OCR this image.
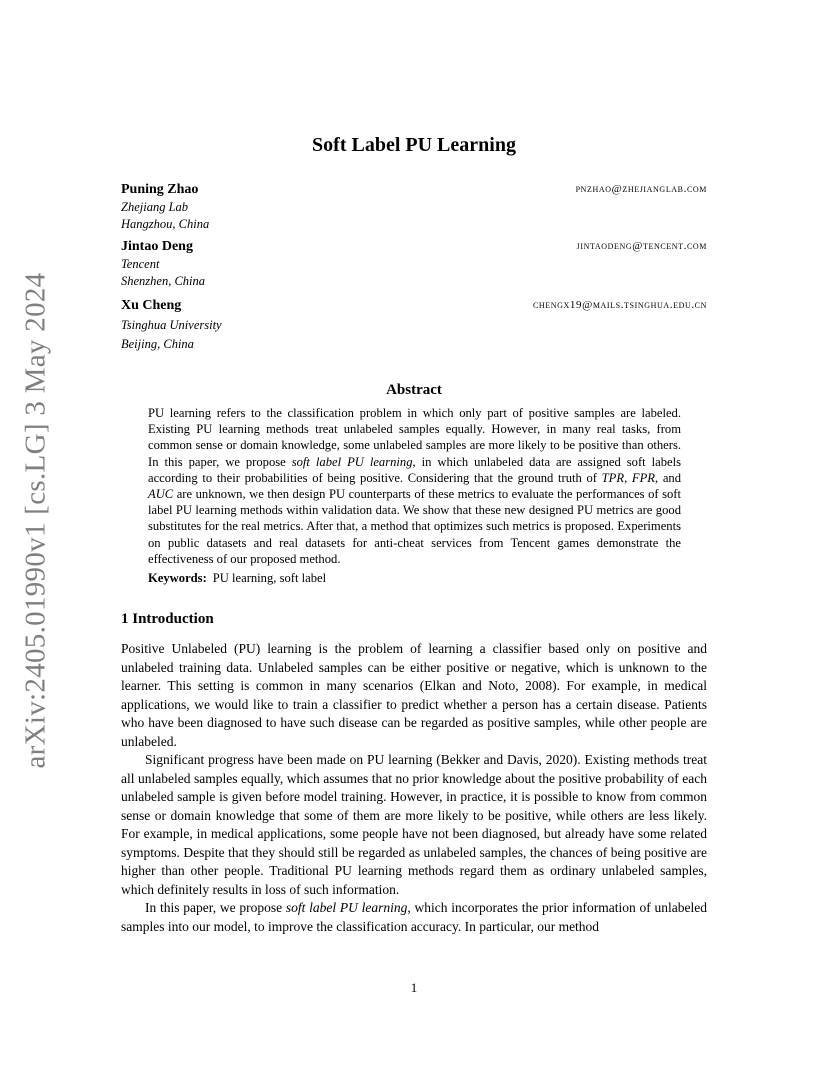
arXiv:2405.01990v1 [cs.LG] 3 May 2024
Soft Label PU Learning
Puning Zhao	pnzhao@zhejianglab.com
Zhejiang Lab
Hangzhou, China
Jintao Deng	jintaodeng@tencent.com
Tencent
Shenzhen, China
Xu Cheng	chengx19@mails.tsinghua.edu.cn
Tsinghua University
Beijing, China
Abstract
PU learning refers to the classification problem in which only part of positive samples are labeled. Existing PU learning methods treat unlabeled samples equally. However, in many real tasks, from common sense or domain knowledge, some unlabeled samples are more likely to be positive than others. In this paper, we propose soft label PU learning, in which unlabeled data are assigned soft labels according to their probabilities of being positive. Considering that the ground truth of TPR, FPR, and AUC are unknown, we then design PU counterparts of these metrics to evaluate the performances of soft label PU learning methods within validation data. We show that these new designed PU metrics are good substitutes for the real metrics. After that, a method that optimizes such metrics is proposed. Experiments on public datasets and real datasets for anti-cheat services from Tencent games demonstrate the effectiveness of our proposed method.
Keywords: PU learning, soft label
1 Introduction

Positive Unlabeled (PU) learning is the problem of learning a classifier based only on positive and unlabeled training data. Unlabeled samples can be either positive or negative, which is unknown to the learner. This setting is common in many scenarios (Elkan and Noto, 2008). For example, in medical applications, we would like to train a classifier to predict whether a person has a certain disease. Patients who have been diagnosed to have such disease can be regarded as positive samples, while other people are unlabeled.

Significant progress have been made on PU learning (Bekker and Davis, 2020). Existing methods treat all unlabeled samples equally, which assumes that no prior knowledge about the positive probability of each unlabeled sample is given before model training. However, in practice, it is possible to know from common sense or domain knowledge that some of them are more likely to be positive, while others are less likely. For example, in medical applications, some people have not been diagnosed, but already have some related symptoms. Despite that they should still be regarded as unlabeled samples, the chances of being positive are higher than other people. Traditional PU learning methods regard them as ordinary unlabeled samples, which definitely results in loss of such information.

In this paper, we propose soft label PU learning, which incorporates the prior information of unlabeled samples into our model, to improve the classification accuracy. In particular, our method

1
